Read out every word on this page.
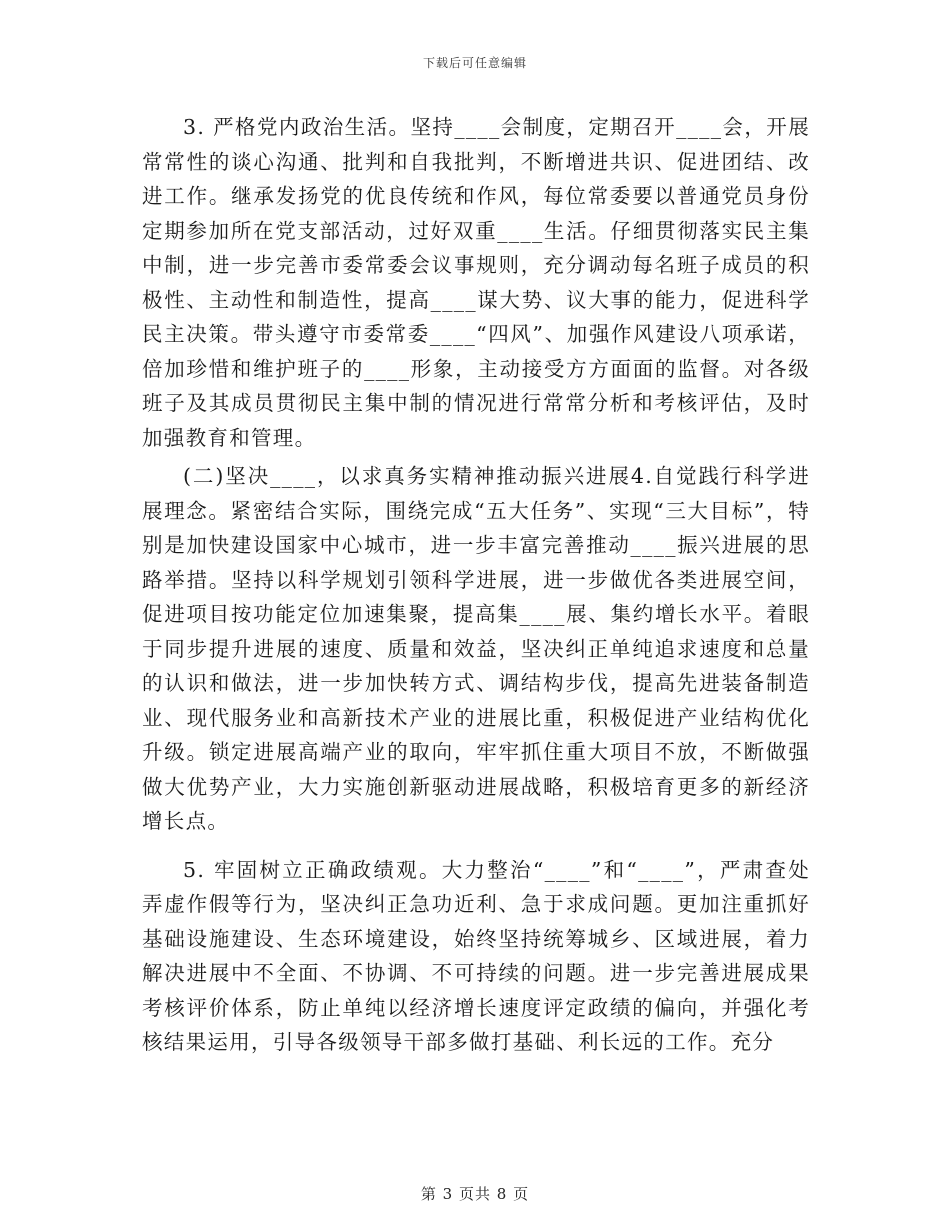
下载后可任意编辑

3. 严格党内政治生活。坚持____会制度，定期召开____会，开展常常性的谈心沟通、批判和自我批判，不断增进共识、促进团结、改进工作。继承发扬党的优良传统和作风，每位常委要以普通党员身份定期参加所在党支部活动，过好双重____生活。仔细贯彻落实民主集中制，进一步完善市委常委会议事规则，充分调动每名班子成员的积极性、主动性和制造性，提高____谋大势、议大事的能力，促进科学民主决策。带头遵守市委常委____“四风”、加强作风建设八项承诺，倍加珍惜和维护班子的____形象，主动接受方方面面的监督。对各级班子及其成员贯彻民主集中制的情况进行常常分析和考核评估，及时加强教育和管理。

(二)坚决____，以求真务实精神推动振兴进展4.自觉践行科学进展理念。紧密结合实际，围绕完成“五大任务”、实现“三大目标”，特别是加快建设国家中心城市，进一步丰富完善推动____振兴进展的思路举措。坚持以科学规划引领科学进展，进一步做优各类进展空间，促进项目按功能定位加速集聚，提高集____展、集约增长水平。着眼于同步提升进展的速度、质量和效益，坚决纠正单纯追求速度和总量的认识和做法，进一步加快转方式、调结构步伐，提高先进装备制造业、现代服务业和高新技术产业的进展比重，积极促进产业结构优化升级。锁定进展高端产业的取向，牢牢抓住重大项目不放，不断做强做大优势产业，大力实施创新驱动进展战略，积极培育更多的新经济增长点。

5. 牢固树立正确政绩观。大力整治“____”和“____”，严肃查处弄虚作假等行为，坚决纠正急功近利、急于求成问题。更加注重抓好基础设施建设、生态环境建设，始终坚持统筹城乡、区域进展，着力解决进展中不全面、不协调、不可持续的问题。进一步完善进展成果考核评价体系，防止单纯以经济增长速度评定政绩的偏向，并强化考核结果运用，引导各级领导干部多做打基础、利长远的工作。充分

第 3 页共 8 页
